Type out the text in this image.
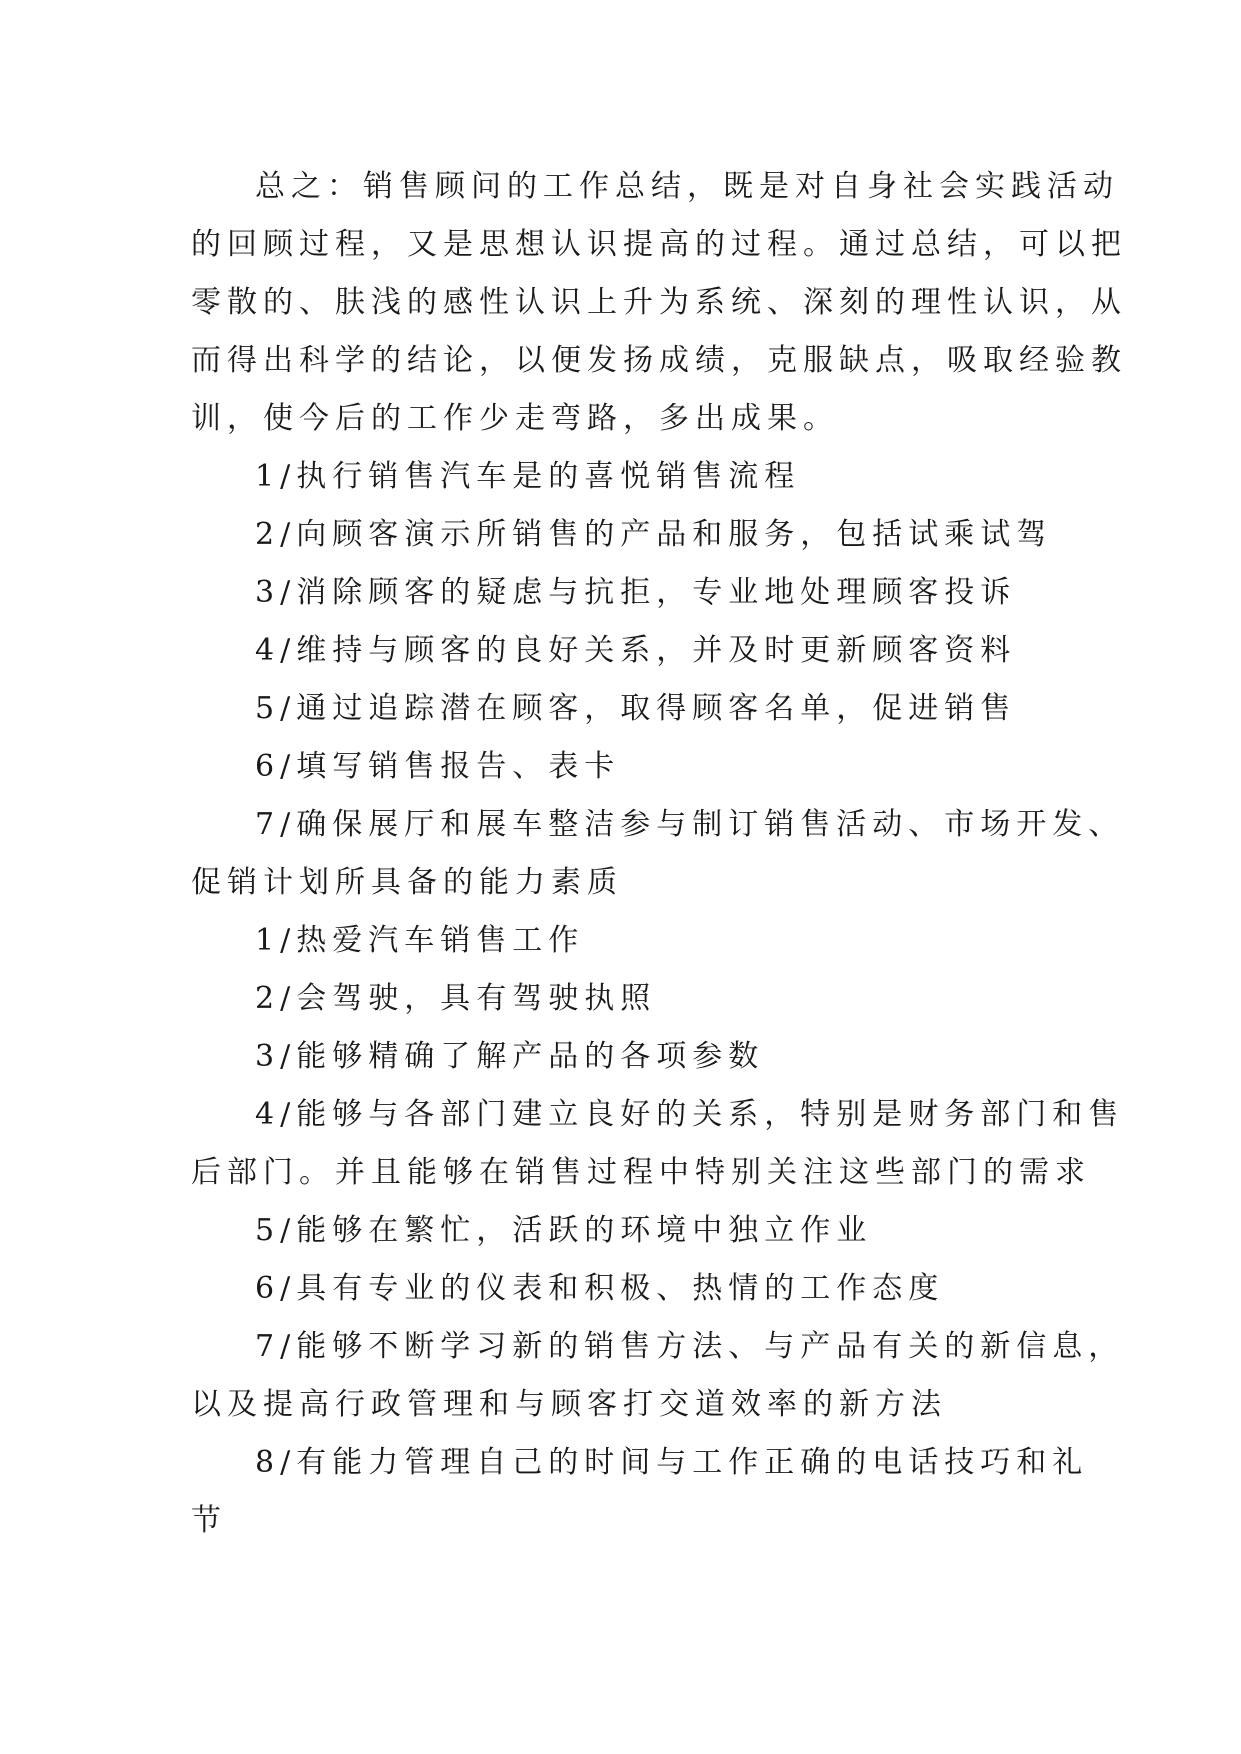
总之：销售顾问的工作总结，既是对自身社会实践活动
的回顾过程，又是思想认识提高的过程。通过总结，可以把
零散的、肤浅的感性认识上升为系统、深刻的理性认识，从
而得出科学的结论，以便发扬成绩，克服缺点，吸取经验教
训，使今后的工作少走弯路，多出成果。
1/执行销售汽车是的喜悦销售流程
2/向顾客演示所销售的产品和服务，包括试乘试驾
3/消除顾客的疑虑与抗拒，专业地处理顾客投诉
4/维持与顾客的良好关系，并及时更新顾客资料
5/通过追踪潜在顾客，取得顾客名单，促进销售
6/填写销售报告、表卡
7/确保展厅和展车整洁参与制订销售活动、市场开发、
促销计划所具备的能力素质
1/热爱汽车销售工作
2/会驾驶，具有驾驶执照
3/能够精确了解产品的各项参数
4/能够与各部门建立良好的关系，特别是财务部门和售
后部门。并且能够在销售过程中特别关注这些部门的需求
5/能够在繁忙，活跃的环境中独立作业
6/具有专业的仪表和积极、热情的工作态度
7/能够不断学习新的销售方法、与产品有关的新信息，
以及提高行政管理和与顾客打交道效率的新方法
8/有能力管理自己的时间与工作正确的电话技巧和礼
节
